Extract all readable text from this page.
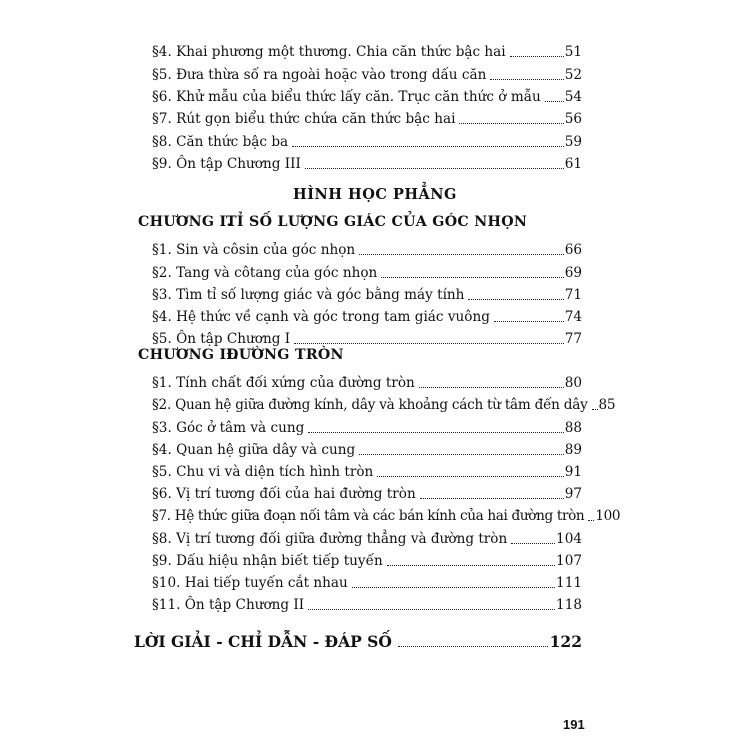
§4. Khai phương một thương. Chia căn thức bậc hai	51
§5. Đưa thừa số ra ngoài hoặc vào trong dấu căn	52
§6. Khử mẫu của biểu thức lấy căn. Trục căn thức ở mẫu 54
§7. Rút gọn biểu thức chứa căn thức bậc hai	56
§8. Căn thức bậc ba	59
§9. Ôn tập Chương III	61
HÌNH HỌC PHẲNG
CHƯƠNG I.TỈ SỐ LƯỢNG GIÁC CỦA GÓC NHỌN
§1. Sin và côsin của góc nhọn	66
§2. Tang và côtang của góc nhọn	69
§3. Tìm tỉ số lượng giác và góc bằng máy tính	71
§4. Hệ thức về cạnh và góc trong tam giác vuông	74
§5. Ôn tập Chương I	77
CHƯƠNG II.ĐƯỜNG TRÒN
§1. Tính chất đối xứng của đường tròn	80
§2. Quan hệ giữa đường kính, dây và khoảng cách từ tâm đến dây 85
§3. Góc ở tâm và cung	88
§4. Quan hệ giữa dây và cung	89
§5. Chu vi và diện tích hình tròn	91
§6. Vị trí tương đối của hai đường tròn	97
§7. Hệ thức giữa đoạn nối tâm và các bán kính của hai đường tròn 100
§8. Vị trí tương đối giữa đường thẳng và đường tròn	104
§9. Dấu hiệu nhận biết tiếp tuyến	107
§10. Hai tiếp tuyến cắt nhau	111
§11. Ôn tập Chương II	118
LỜI GIẢI - CHỈ DẪN - ĐÁP SỐ	122
191
